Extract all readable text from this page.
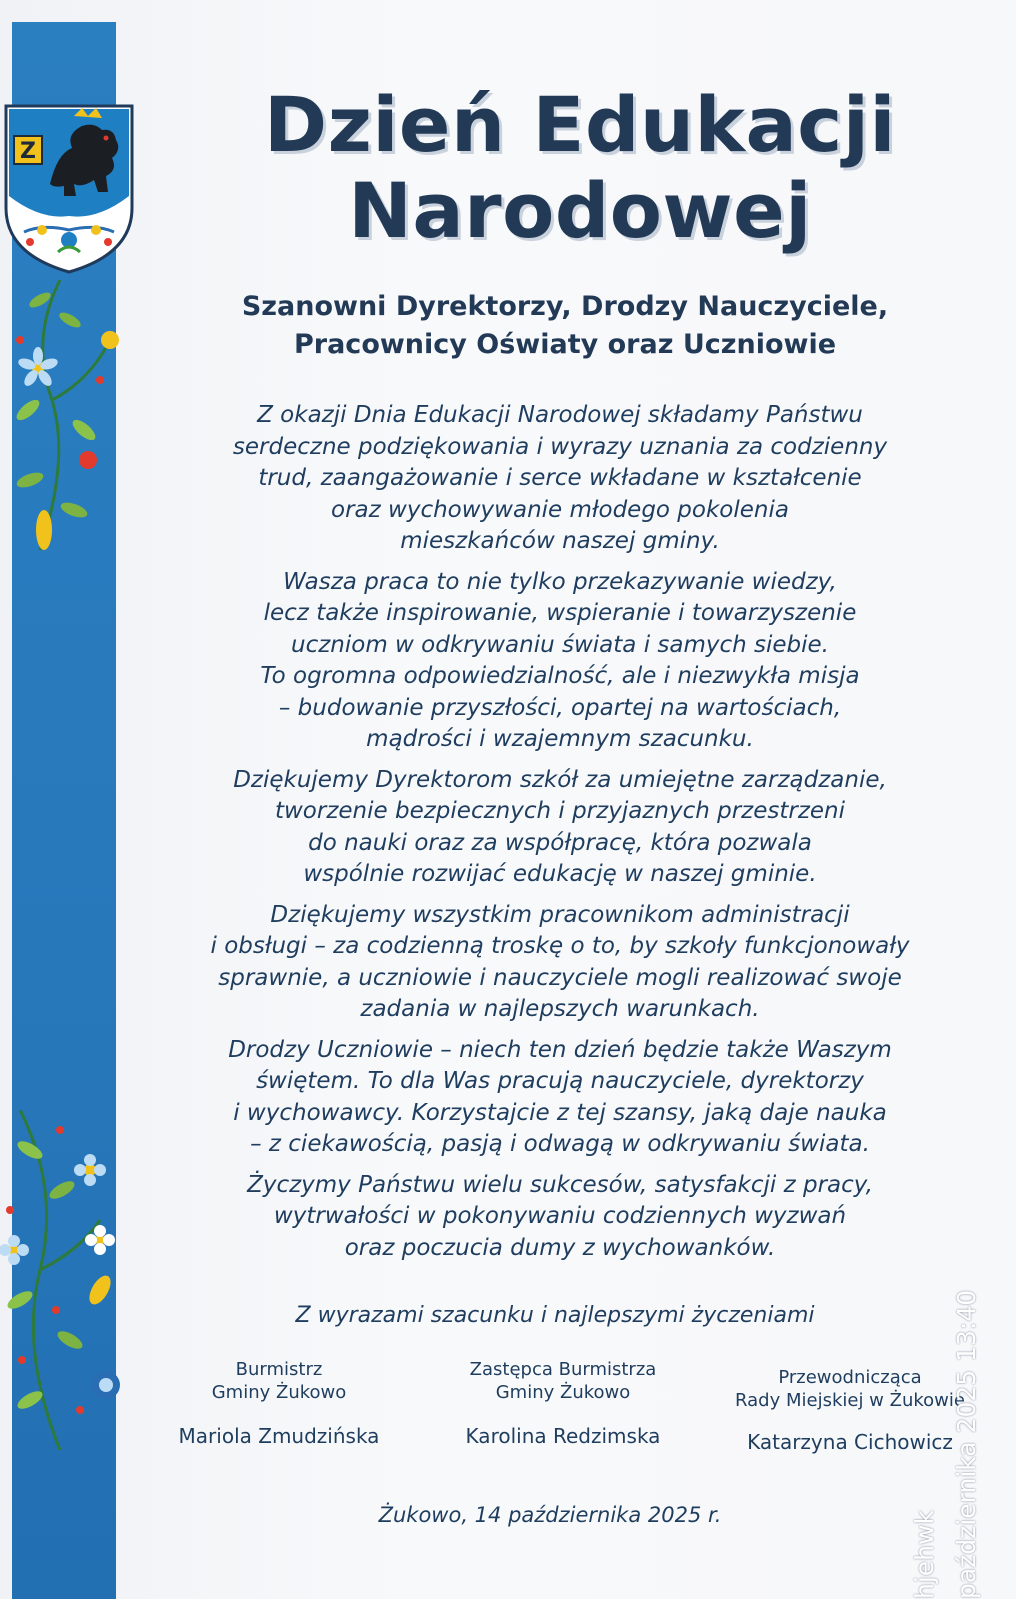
Z	Dzień Edukacji
Narodowej
Szanowni Dyrektorzy, Drodzy Nauczyciele,
Pracownicy Oświaty oraz Uczniowie

Z okazji Dnia Edukacji Narodowej składamy Państwu
serdeczne podziękowania i wyrazy uznania za codzienny
trud, zaangażowanie i serce wkładane w kształcenie
oraz wychowywanie młodego pokolenia
mieszkańców naszej gminy.

Wasza praca to nie tylko przekazywanie wiedzy,
lecz także inspirowanie, wspieranie i towarzyszenie
uczniom w odkrywaniu świata i samych siebie.
To ogromna odpowiedzialność, ale i niezwykła misja
– budowanie przyszłości, opartej na wartościach,
mądrości i wzajemnym szacunku.

Dziękujemy Dyrektorom szkół za umiejętne zarządzanie,
tworzenie bezpiecznych i przyjaznych przestrzeni
do nauki oraz za współpracę, która pozwala
wspólnie rozwijać edukację w naszej gminie.

Dziękujemy wszystkim pracownikom administracji
i obsługi – za codzienną troskę o to, by szkoły funkcjonowały
sprawnie, a uczniowie i nauczyciele mogli realizować swoje
zadania w najlepszych warunkach.

Drodzy Uczniowie – niech ten dzień będzie także Waszym
świętem. To dla Was pracują nauczyciele, dyrektorzy
i wychowawcy. Korzystajcie z tej szansy, jaką daje nauka
– z ciekawością, pasją i odwagą w odkrywaniu świata.

Życzymy Państwu wielu sukcesów, satysfakcji z pracy,
wytrwałości w pokonywaniu codziennych wyzwań
oraz poczucia dumy z wychowanków.

Z wyrazami szacunku i najlepszymi życzeniami
Burmistrz
Gminy Żukowo
Mariola Zmudzińska
Zastępca Burmistrza
Gminy Żukowo
Karolina Redzimska
Przewodnicząca
Rady Miejskiej w Żukowie
Katarzyna Cichowicz
Żukowo, 14 października 2025 r.	października 2025 13:40
hjehwk
